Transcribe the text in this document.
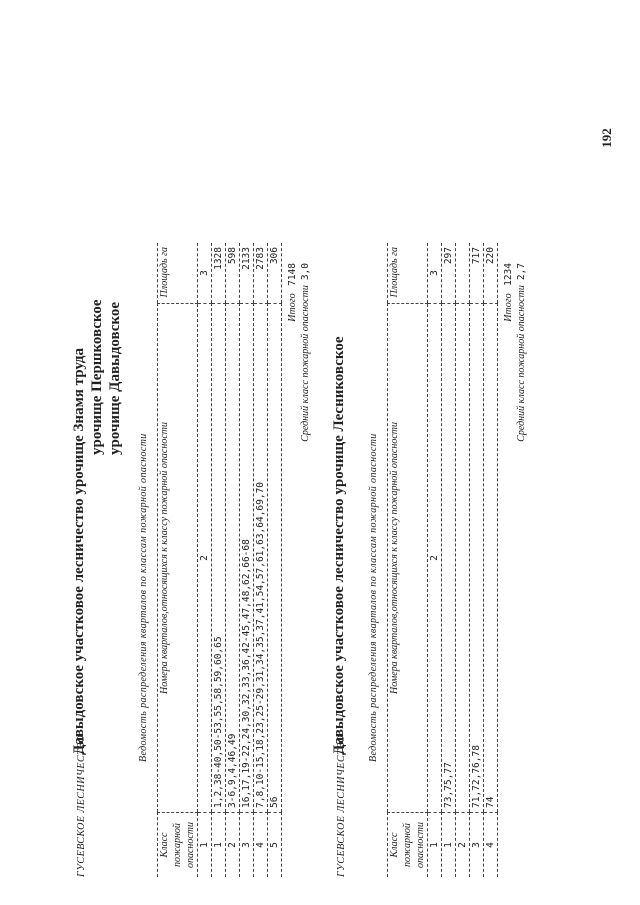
192
ГУСЕВСКОЕ ЛЕСНИЧЕСТВО
Давыдовское участковое лесничество урочище Знамя труда урочище Першковское урочище Давыдовское
Ведомость распределения кварталов по классам пожарной опасности
Класс пожарной опасности	Номера кварталов,относящихся к классу пожарной опасности	Площадь га
1	2	3
1	1,2,38-40,50-53,55,58,59,60,65	1328
2	3-6,9,4,46,49	598
3	16,17,19-22,24,30,32,33,36,42-45,47,48,62,66-68	2133
4	7,8,10-15,18,23,25-29,31,34,35,37,41,54,57,61,63,64,69,70	2783
5	56	306
Итого   7148
Средний класс пожарной опасности  3,0
ГУСЕВСКОЕ ЛЕСНИЧЕСТВО
Давыдовское участковое лесничество урочище Лесниковское Ведомость распределения кварталов по классам пожарной опасности
Класс пожарной опасности	Номера кварталов,относящихся к классу пожарной опасности	Площадь га
1	2	3
1	73,75,77	297
2		
3	71,72,76,78	717
4	74	220
Итого   1234
Средний класс пожарной опасности  2,7
